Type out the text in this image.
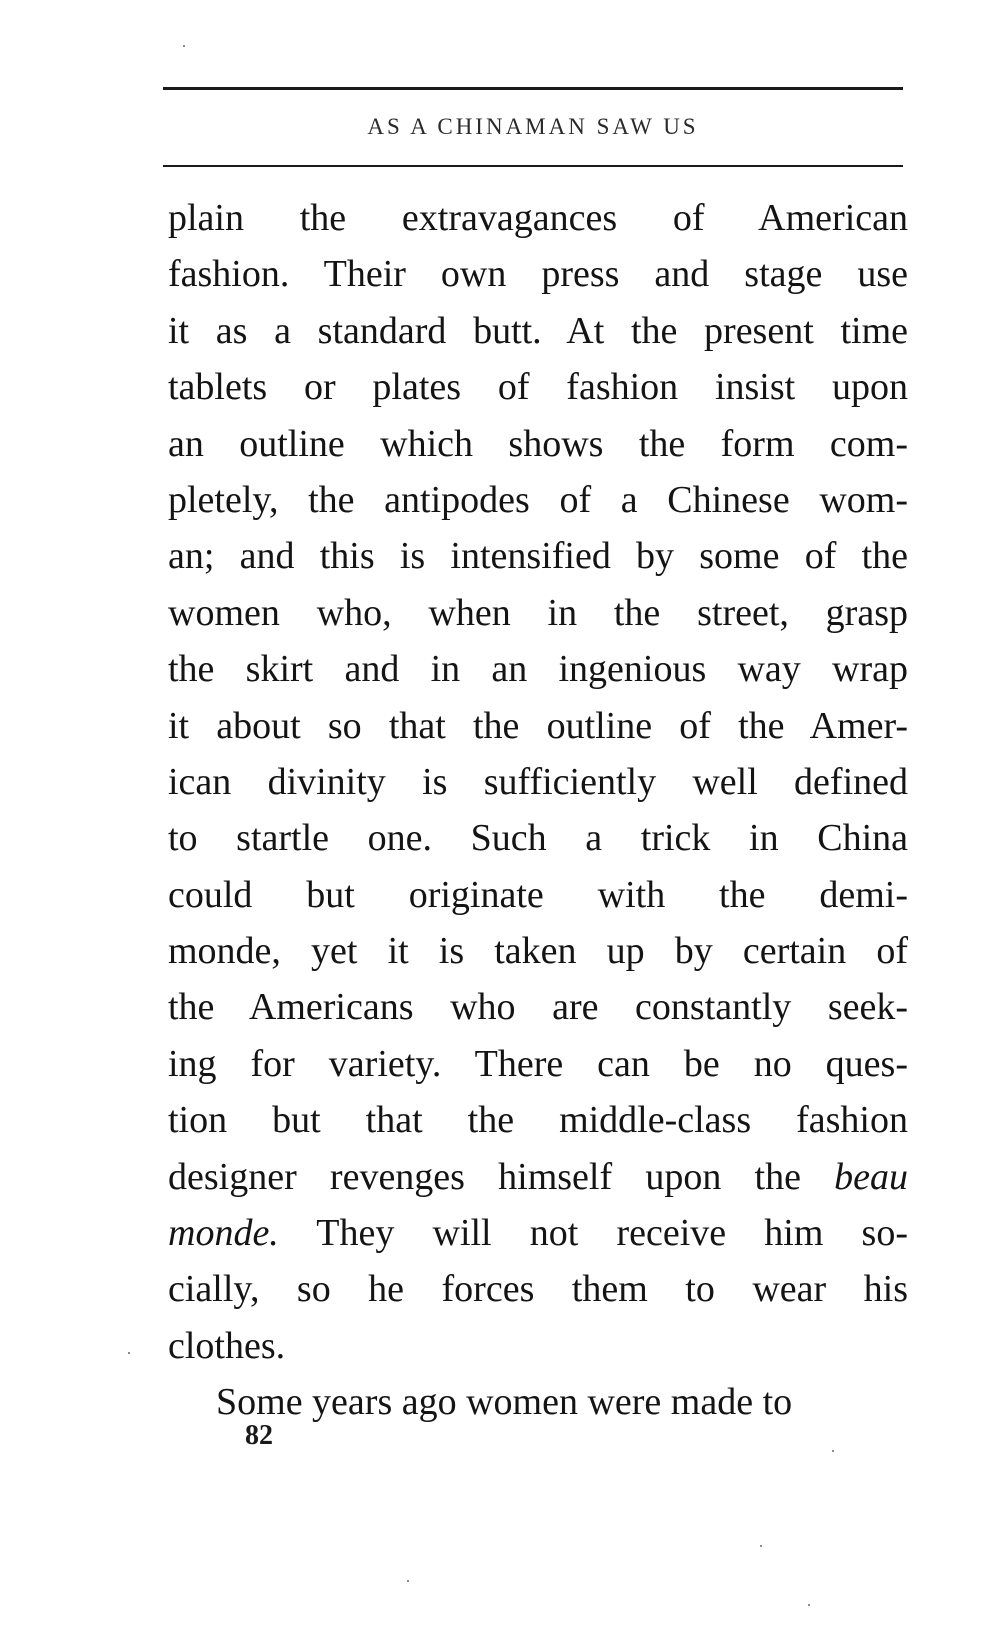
AS A CHINAMAN SAW US
plain the extravagances of American
fashion. Their own press and stage use
it as a standard butt. At the present time
tablets or plates of fashion insist upon
an outline which shows the form com-
pletely, the antipodes of a Chinese wom-
an; and this is intensified by some of the
women who, when in the street, grasp
the skirt and in an ingenious way wrap
it about so that the outline of the Amer-
ican divinity is sufficiently well defined
to startle one. Such a trick in China
could but originate with the demi-
monde, yet it is taken up by certain of
the Americans who are constantly seek-
ing for variety. There can be no ques-
tion but that the middle-class fashion
designer revenges himself upon the beau
monde. They will not receive him so-
cially, so he forces them to wear his
clothes.
Some years ago women were made to
82
